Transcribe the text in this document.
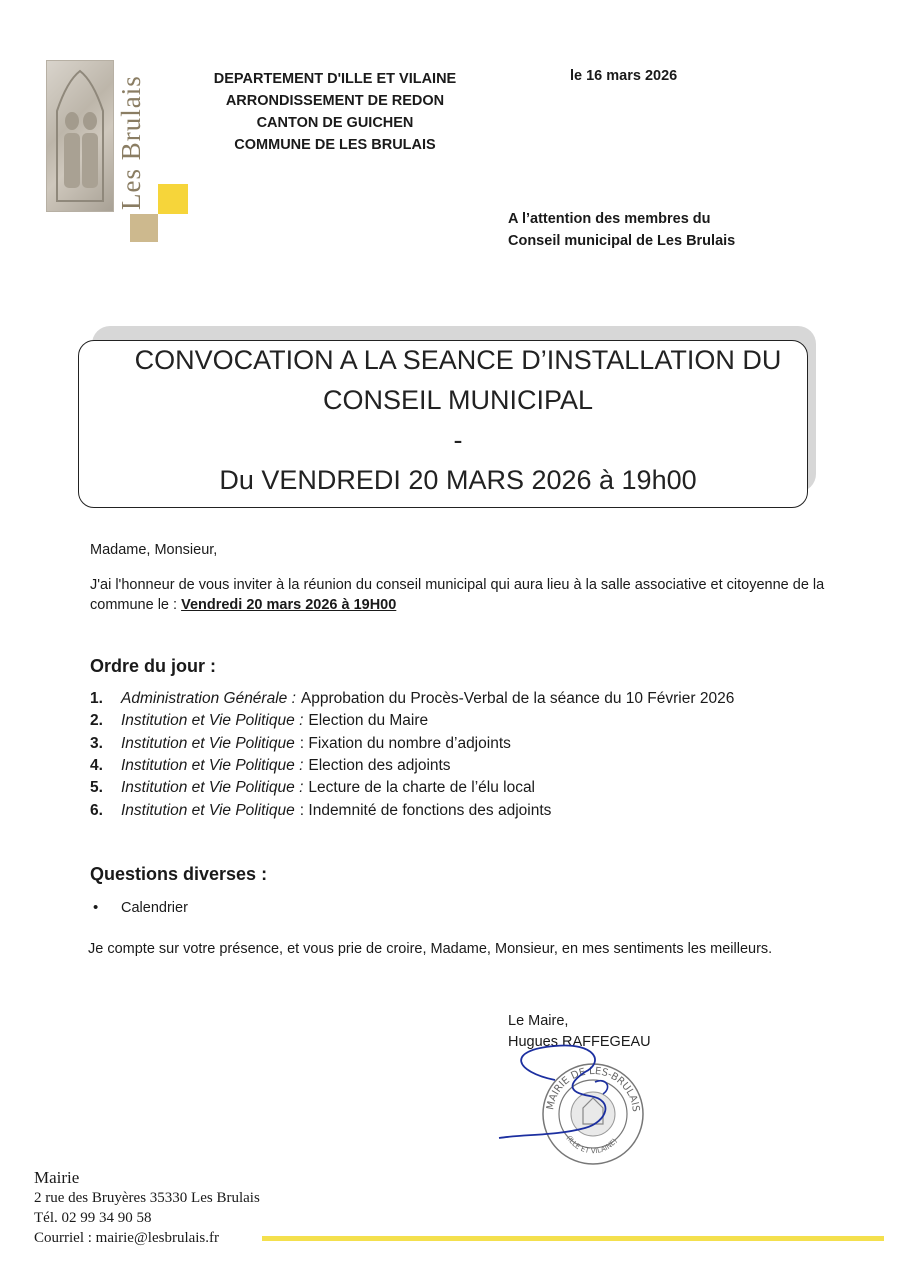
Les Brulais	DEPARTEMENT D'ILLE ET VILAINE
ARRONDISSEMENT DE REDON
CANTON DE GUICHEN
COMMUNE DE LES BRULAIS
le 16 mars 2026
A l’attention des membres du
Conseil municipal de Les Brulais
CONVOCATION A LA SEANCE D’INSTALLATION DU
CONSEIL MUNICIPAL
-
Du VENDREDI 20 MARS 2026 à 19h00
Madame, Monsieur,
J'ai l'honneur de vous inviter à la réunion du conseil municipal qui aura lieu à la salle associative et citoyenne de la commune le : Vendredi 20 mars 2026 à 19H00
Ordre du jour :
1.	Administration Générale : Approbation du Procès-Verbal de la séance du 10 Février 2026
2.	Institution et Vie Politique : Election du Maire
3.	Institution et Vie Politique : Fixation du nombre d’adjoints
4.	Institution et Vie Politique : Election des adjoints
5.	Institution et Vie Politique : Lecture de la charte de l’élu local
6.	Institution et Vie Politique : Indemnité de fonctions des adjoints
Questions diverses :
• Calendrier
Je compte sur votre présence, et vous prie de croire, Madame, Monsieur, en mes sentiments les meilleurs.
Le Maire,
Hugues RAFFEGEAU
MAIRIE DE LES-BRULAIS
(ILLE ET VILAINE)
Mairie
2 rue des Bruyères 35330 Les Brulais
Tél. 02 99 34 90 58
Courriel : mairie@lesbrulais.fr
